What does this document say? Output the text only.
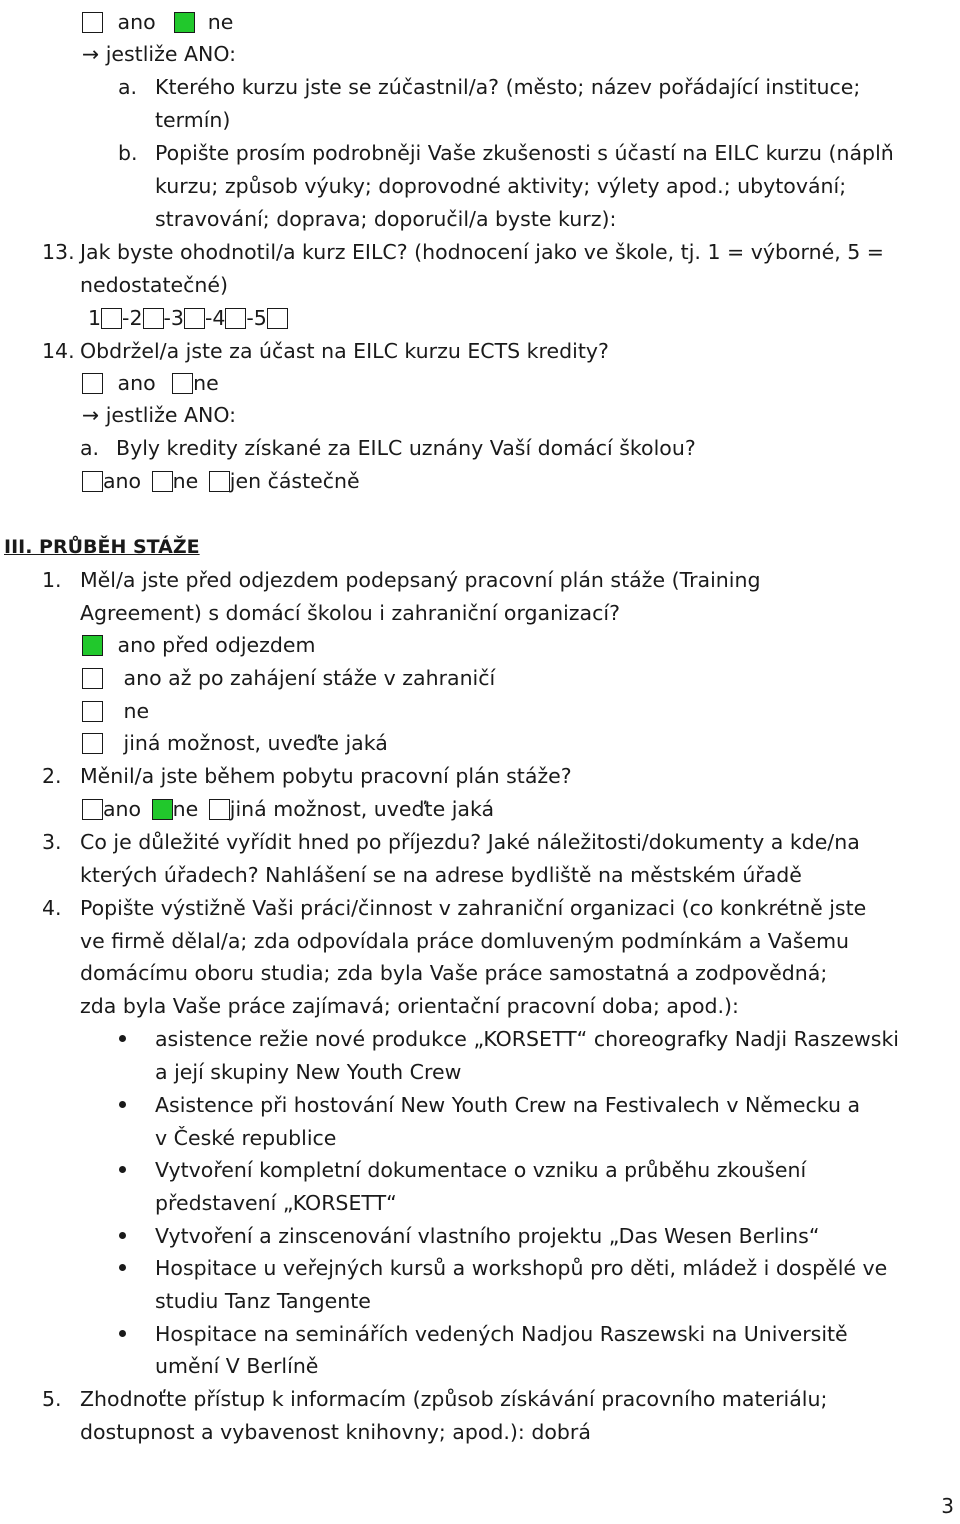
ano	ne
→ jestliže ANO:
a. Kterého kurzu jste se zúčastnil/a? (město; název pořádající instituce;
termín)
b. Popište prosím podrobněji Vaše zkušenosti s účastí na EILC kurzu (náplň
kurzu; způsob výuky; doprovodné aktivity; výlety apod.; ubytování;
stravování; doprava; doporučil/a byste kurz):
13. Jak byste ohodnotil/a kurz EILC? (hodnocení jako ve škole, tj. 1 = výborné, 5 =
nedostatečné)
1 -2 -3 -4 -5
14. Obdržel/a jste za účast na EILC kurzu ECTS kredity?
ano ne
→ jestliže ANO:
a. Byly kredity získané za EILC uznány Vaší domácí školou?
ano ne jen částečně
III. PRŮBĚH STÁŽE
1. Měl/a jste před odjezdem podepsaný pracovní plán stáže (Training
Agreement) s domácí školou i zahraniční organizací?
ano před odjezdem
ano až po zahájení stáže v zahraničí
ne
jiná možnost, uveďte jaká
2. Měnil/a jste během pobytu pracovní plán stáže?
ano ne jiná možnost, uveďte jaká
3. Co je důležité vyřídit hned po příjezdu? Jaké náležitosti/dokumenty a kde/na
kterých úřadech? Nahlášení se na adrese bydliště na městském úřadě
4. Popište výstižně Vaši práci/činnost v zahraniční organizaci (co konkrétně jste
ve firmě dělal/a; zda odpovídala práce domluveným podmínkám a Vašemu
domácímu oboru studia; zda byla Vaše práce samostatná a zodpovědná;
zda byla Vaše práce zajímavá; orientační pracovní doba; apod.):
asistence režie nové produkce „KORSETT“ choreografky Nadji Raszewski
a její skupiny New Youth Crew
Asistence při hostování New Youth Crew na Festivalech v Německu a
v České republice
Vytvoření kompletní dokumentace o vzniku a průběhu zkoušení
představení „KORSETT“
Vytvoření a zinscenování vlastního projektu „Das Wesen Berlins“
Hospitace u veřejných kursů a workshopů pro děti, mládež i dospělé ve
studiu Tanz Tangente
Hospitace na seminářích vedených Nadjou Raszewski na Universitě
umění V Berlíně
5. Zhodnoťte přístup k informacím (způsob získávání pracovního materiálu;
dostupnost a vybavenost knihovny; apod.): dobrá
3
